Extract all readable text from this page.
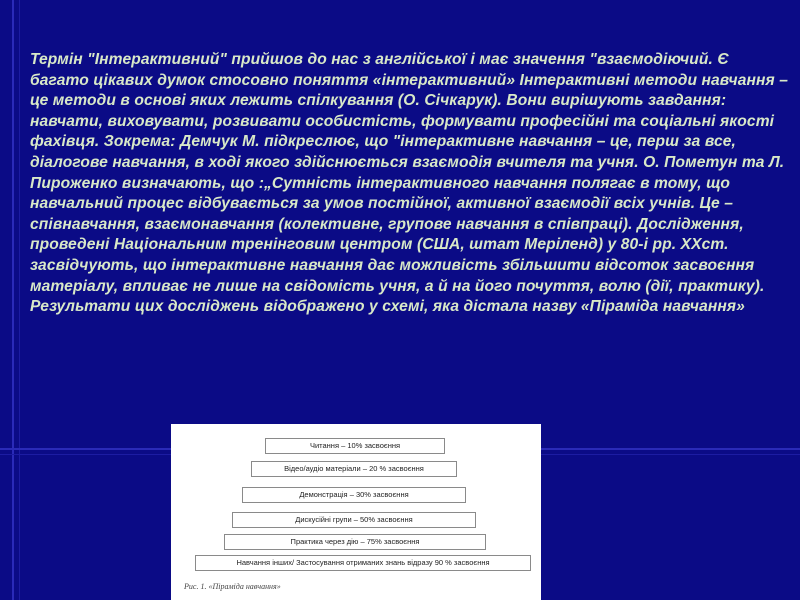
Термін "Інтерактивний" прийшов до нас з англійської і має значення "взаємодіючий. Є багато цікавих думок стосовно поняття «інтерактивний» Інтерактивні методи навчання – це методи в основі яких лежить спілкування (О. Січкарук). Вони вирішують завдання: навчати, виховувати, розвивати особистість, формувати професійні та соціальні якості фахівця. Зокрема: Демчук М. підкреслює, що "інтерактивне навчання – це, перш за все, діалогове навчання, в ході якого здійснюється взаємодія вчителя та учня. О. Пометун та Л. Пироженко визначають, що :„Сутність інтерактивного навчання полягає в тому, що навчальний процес відбувається за умов постійної, активної взаємодії всіх учнів. Це –співнавчання, взаємонавчання (колективне, групове навчання в співпраці). Дослідження, проведені Національним тренінговим центром (США, штат Меріленд) у 80-і рр. ХХст. засвідчують, що інтерактивне навчання дає можливість збільшити відсоток засвоєння матеріалу, впливає не лише на свідомість учня, а й на його почуття, волю (дії, практику). Результати цих досліджень відображено у схемі, яка дістала назву «Піраміда навчання»

Читання – 10% засвоєння
Відео/аудіо матеріали – 20 % засвоєння
Демонстрація – 30% засвоєння
Дискусійні групи – 50% засвоєння
Практика через дію – 75% засвоєння
Навчання інших/ Застосування отриманих знань відразу 90 % засвоєння
Рис. 1. «Піраміда навчання»
